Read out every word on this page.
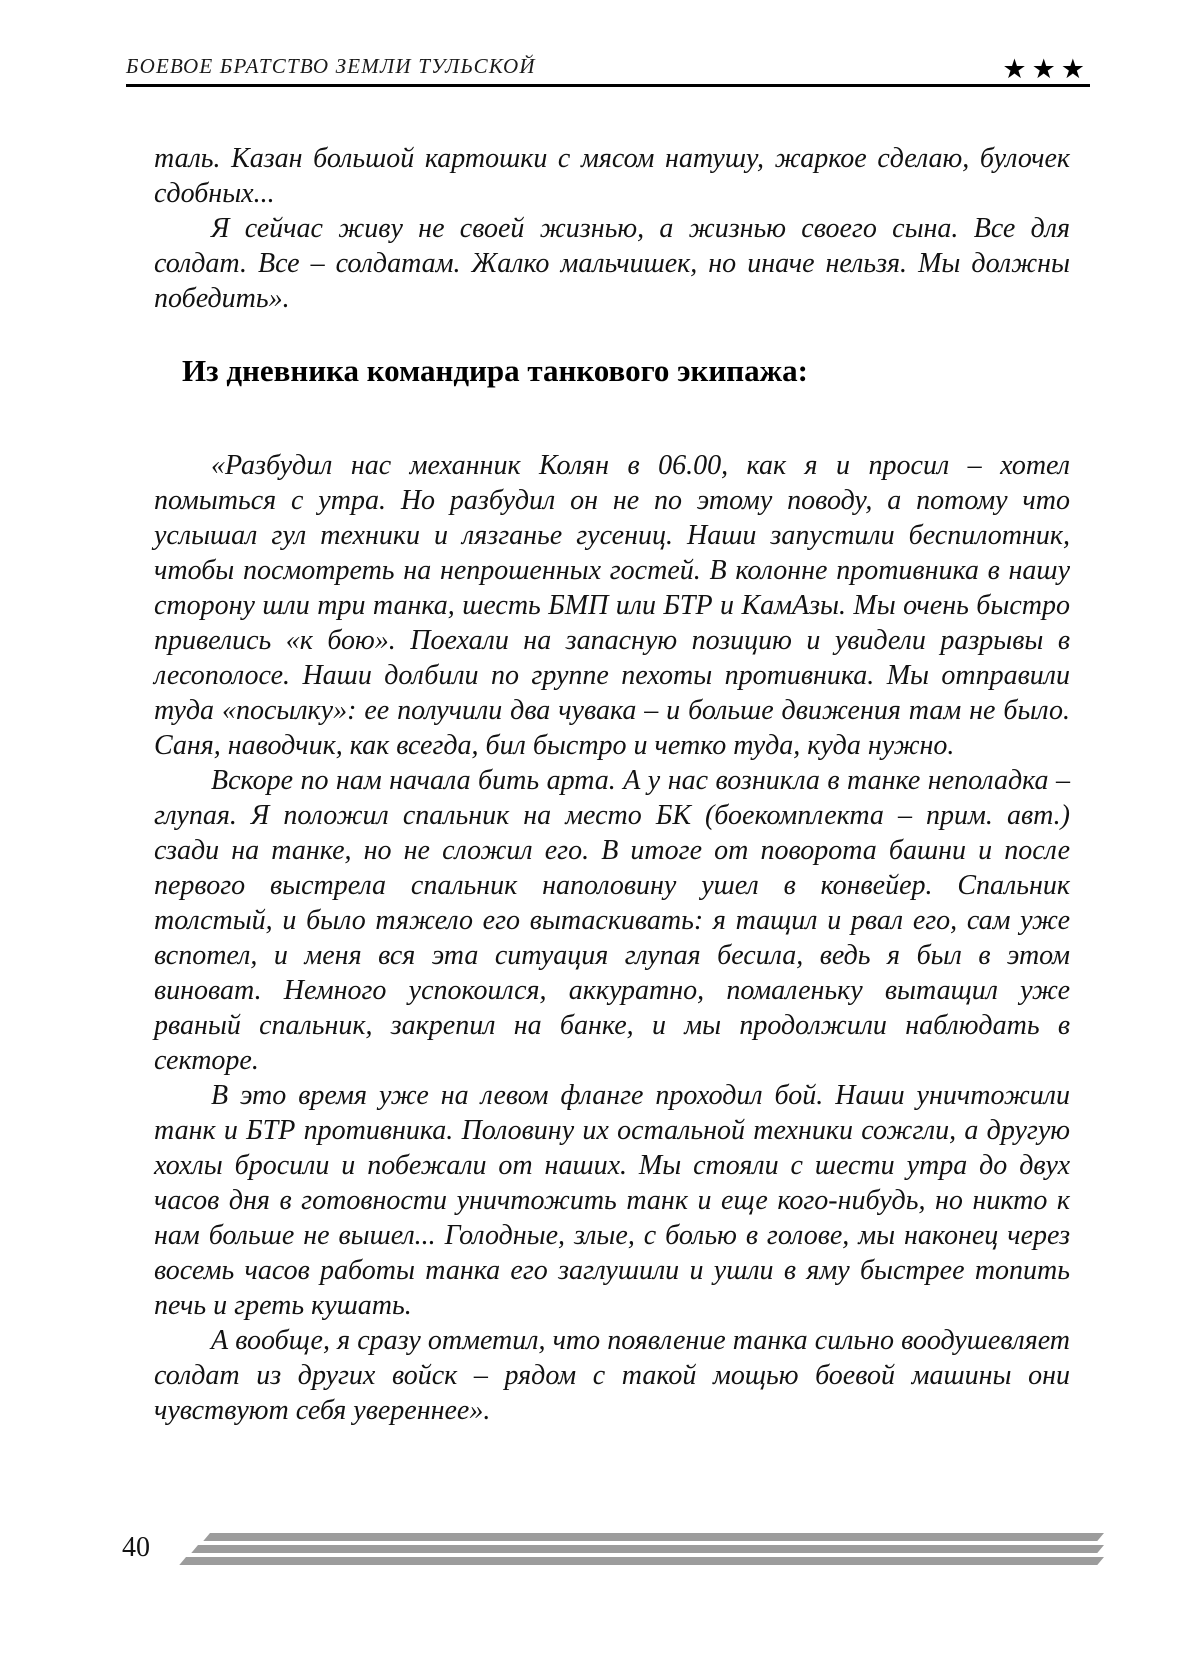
БОЕВОЕ БРАТСТВО ЗЕМЛИ ТУЛЬСКОЙ	★★★

таль. Казан большой картошки с мясом натушу, жаркое сделаю, булочек сдобных...

Я сейчас живу не своей жизнью, а жизнью своего сына. Все для солдат. Все – солдатам. Жалко мальчишек, но иначе нельзя. Мы должны победить».

Из дневника командира танкового экипажа:

«Разбудил нас механник Колян в 06.00, как я и просил – хотел помыться с утра. Но разбудил он не по этому поводу, а потому что услышал гул техники и лязганье гусениц. Наши запустили беспилотник, чтобы посмотреть на непрошенных гостей. В колонне противника в нашу сторону шли три танка, шесть БМП или БТР и КамАзы. Мы очень быстро привелись «к бою». Поехали на запасную позицию и увидели разрывы в лесополосе. Наши долбили по группе пехоты противника. Мы отправили туда «посылку»: ее получили два чувака – и больше движения там не было. Саня, наводчик, как всегда, бил быстро и четко туда, куда нужно.

Вскоре по нам начала бить арта. А у нас возникла в танке неполадка – глупая. Я положил спальник на место БК (боекомплекта – прим. авт.) сзади на танке, но не сложил его. В итоге от поворота башни и после первого выстрела спальник наполовину ушел в конвейер. Спальник толстый, и было тяжело его вытаскивать: я тащил и рвал его, сам уже вспотел, и меня вся эта ситуация глупая бесила, ведь я был в этом виноват. Немного успокоился, аккуратно, помаленьку вытащил уже рваный спальник, закрепил на банке, и мы продолжили наблюдать в секторе.

В это время уже на левом фланге проходил бой. Наши уничтожили танк и БТР противника. Половину их остальной техники сожгли, а другую хохлы бросили и побежали от наших. Мы стояли с шести утра до двух часов дня в готовности уничтожить танк и еще кого-нибудь, но никто к нам больше не вышел... Голодные, злые, с болью в голове, мы наконец через восемь часов работы танка его заглушили и ушли в яму быстрее топить печь и греть кушать.

А вообще, я сразу отметил, что появление танка сильно воодушевляет солдат из других войск – рядом с такой мощью боевой машины они чувствуют себя увереннее».

40
